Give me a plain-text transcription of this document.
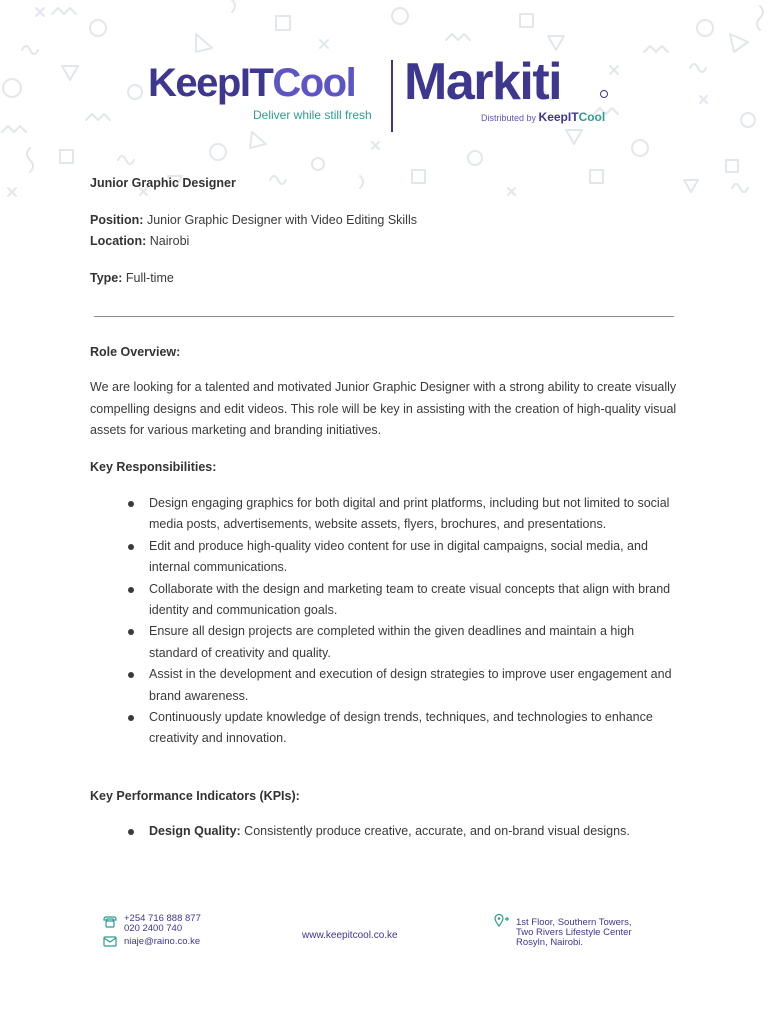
KeepITCool
Deliver while still fresh
Markiti
Distributed by KeepITCool
Junior Graphic Designer
Position: Junior Graphic Designer with Video Editing Skills
Location: Nairobi
Type: Full-time
Role Overview:
We are looking for a talented and motivated Junior Graphic Designer with a strong ability to create visually compelling designs and edit videos. This role will be key in assisting with the creation of high-quality visual assets for various marketing and branding initiatives.
Key Responsibilities:
Design engaging graphics for both digital and print platforms, including but not limited to social media posts, advertisements, website assets, flyers, brochures, and presentations.
Edit and produce high-quality video content for use in digital campaigns, social media, and internal communications.
Collaborate with the design and marketing team to create visual concepts that align with brand identity and communication goals.
Ensure all design projects are completed within the given deadlines and maintain a high standard of creativity and quality.
Assist in the development and execution of design strategies to improve user engagement and brand awareness.
Continuously update knowledge of design trends, techniques, and technologies to enhance creativity and innovation.
Key Performance Indicators (KPIs):
Design Quality: Consistently produce creative, accurate, and on-brand visual designs.
+254 716 888 877
020 2400 740
niaje@raino.co.ke
www.keepitcool.co.ke
1st Floor, Southern Towers,
Two Rivers Lifestyle Center
Rosyln, Nairobi.
